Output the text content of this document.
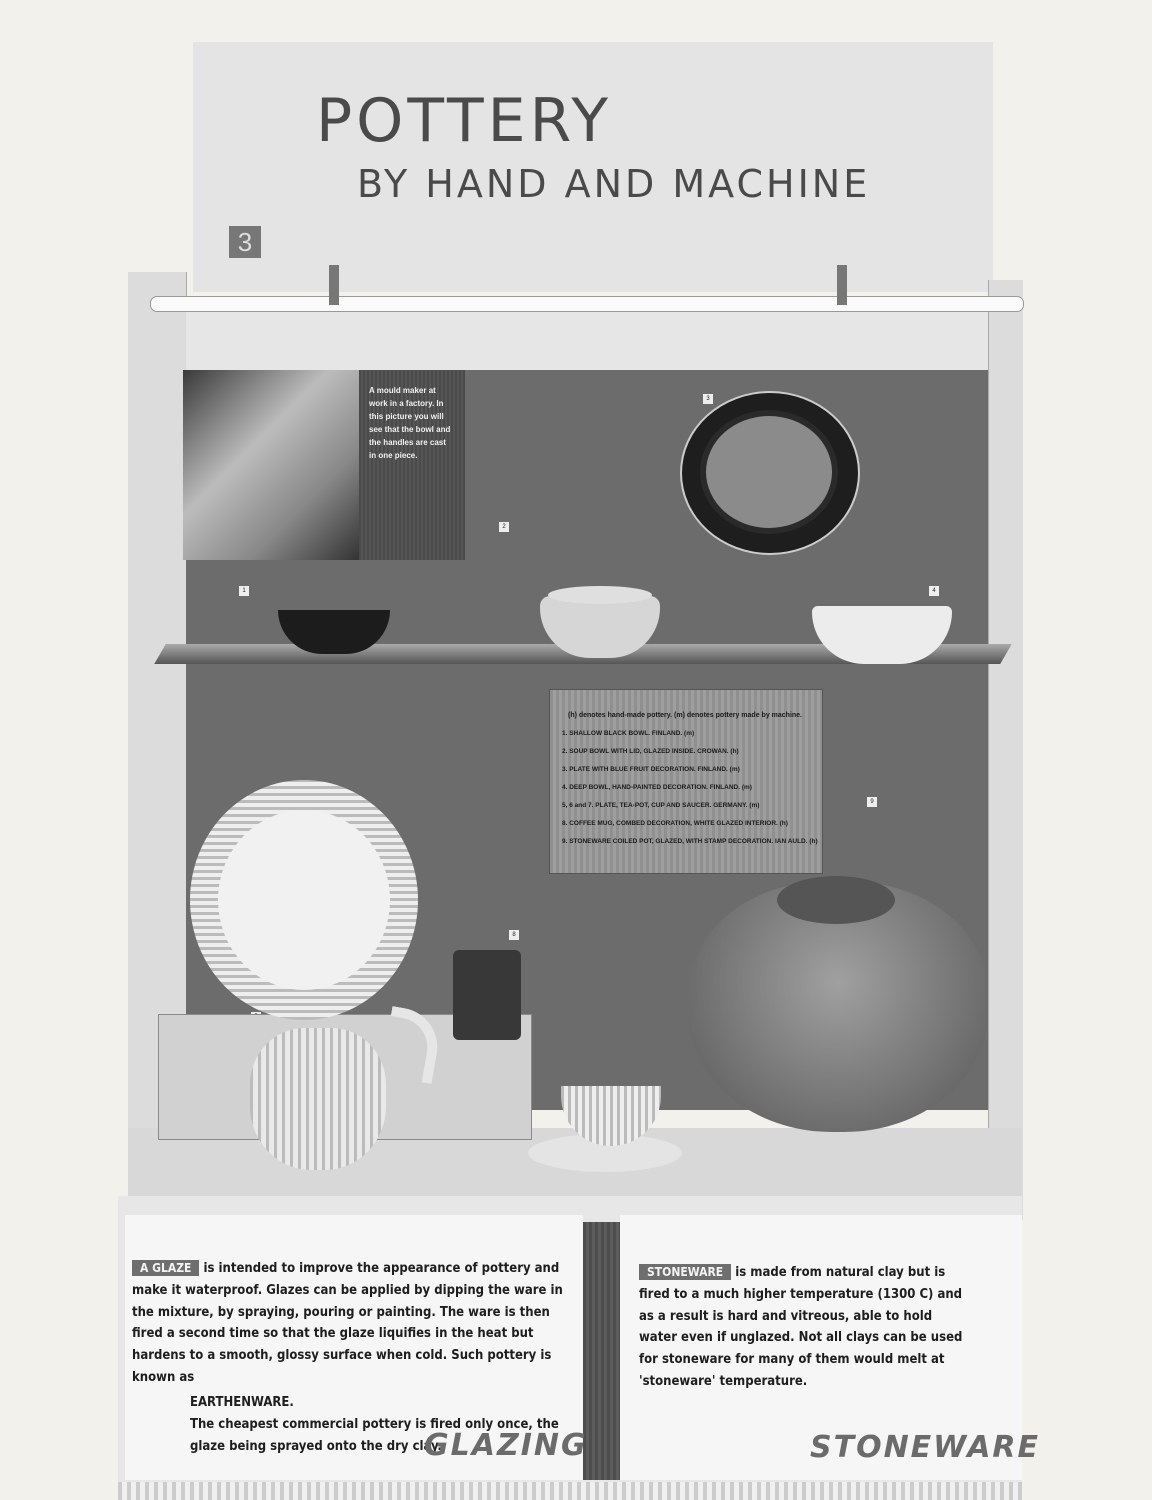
POTTERY
BY HAND AND MACHINE
3
A mould maker at work in a factory. In this picture you will see that the bowl and the handles are cast in one piece.
1
2
3
4
8
9
(h) denotes hand-made pottery. (m) denotes pottery made by machine.
1. SHALLOW BLACK BOWL. FINLAND. (m)
2. SOUP BOWL WITH LID, GLAZED INSIDE. CROWAN. (h)
3. PLATE WITH BLUE FRUIT DECORATION. FINLAND. (m)
4. DEEP BOWL, HAND-PAINTED DECORATION. FINLAND. (m)
5, 6 and 7. PLATE, TEA-POT, CUP AND SAUCER. GERMANY. (m)
8. COFFEE MUG, COMBED DECORATION, WHITE GLAZED INTERIOR. (h)
9. STONEWARE COILED POT, GLAZED, WITH STAMP DECORATION. IAN AULD. (h)
A GLAZE is intended to improve the appearance of pottery and make it waterproof. Glazes can be applied by dipping the ware in the mixture, by spraying, pouring or painting. The ware is then fired a second time so that the glaze liquifies in the heat but hardens to a smooth, glossy surface when cold. Such pottery is known as
EARTHENWARE.
The cheapest commercial pottery is fired only once, the glaze being sprayed onto the dry clay.
GLAZING
STONEWARE is made from natural clay but is fired to a much higher temperature (1300 C) and as a result is hard and vitreous, able to hold water even if unglazed. Not all clays can be used for stoneware for many of them would melt at 'stoneware' temperature.
STONEWARE
